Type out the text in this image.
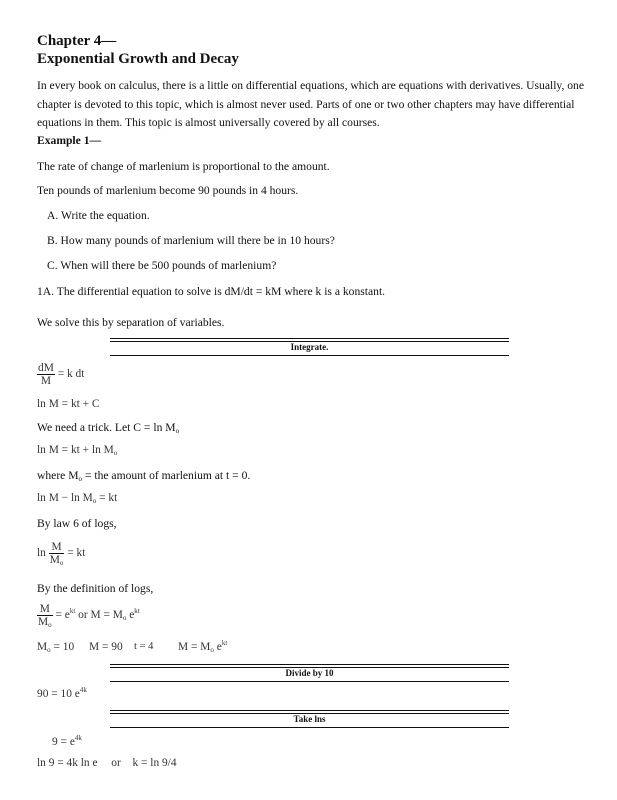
Chapter 4—
Exponential Growth and Decay
In every book on calculus, there is a little on differential equations, which are equations with derivatives. Usually, one chapter is devoted to this topic, which is almost never used. Parts of one or two other chapters may have differential equations in them. This topic is almost universally covered by all courses.
Example 1—
The rate of change of marlenium is proportional to the amount.
Ten pounds of marlenium become 90 pounds in 4 hours.
A. Write the equation.
B. How many pounds of marlenium will there be in 10 hours?
C. When will there be 500 pounds of marlenium?
1A. The differential equation to solve is dM/dt = kM where k is a konstant.
We solve this by separation of variables.
Integrate.
$\frac{dM}{M} = k$ dt
ln M = kt + C
We need a trick. Let C = ln Mo
ln M = kt + ln Mo
where Mo = the amount of marlenium at t = 0.
ln M − ln Mo = kt
By law 6 of logs,
$\ln \frac{M}{Mo}$ = kt
By the definition of logs,
$\frac{M}{Mo} = e^{kt}$ or M = Mo $e^{kt}$
Mo = 10 M = 90 t = 4 M = Mo $e^{kt}$
Divide by 10
90 = 10 $e^{4k}$
Take lns
$9 = e^{4k}$
ln 9 = 4k ln e or k = ln 9/4
